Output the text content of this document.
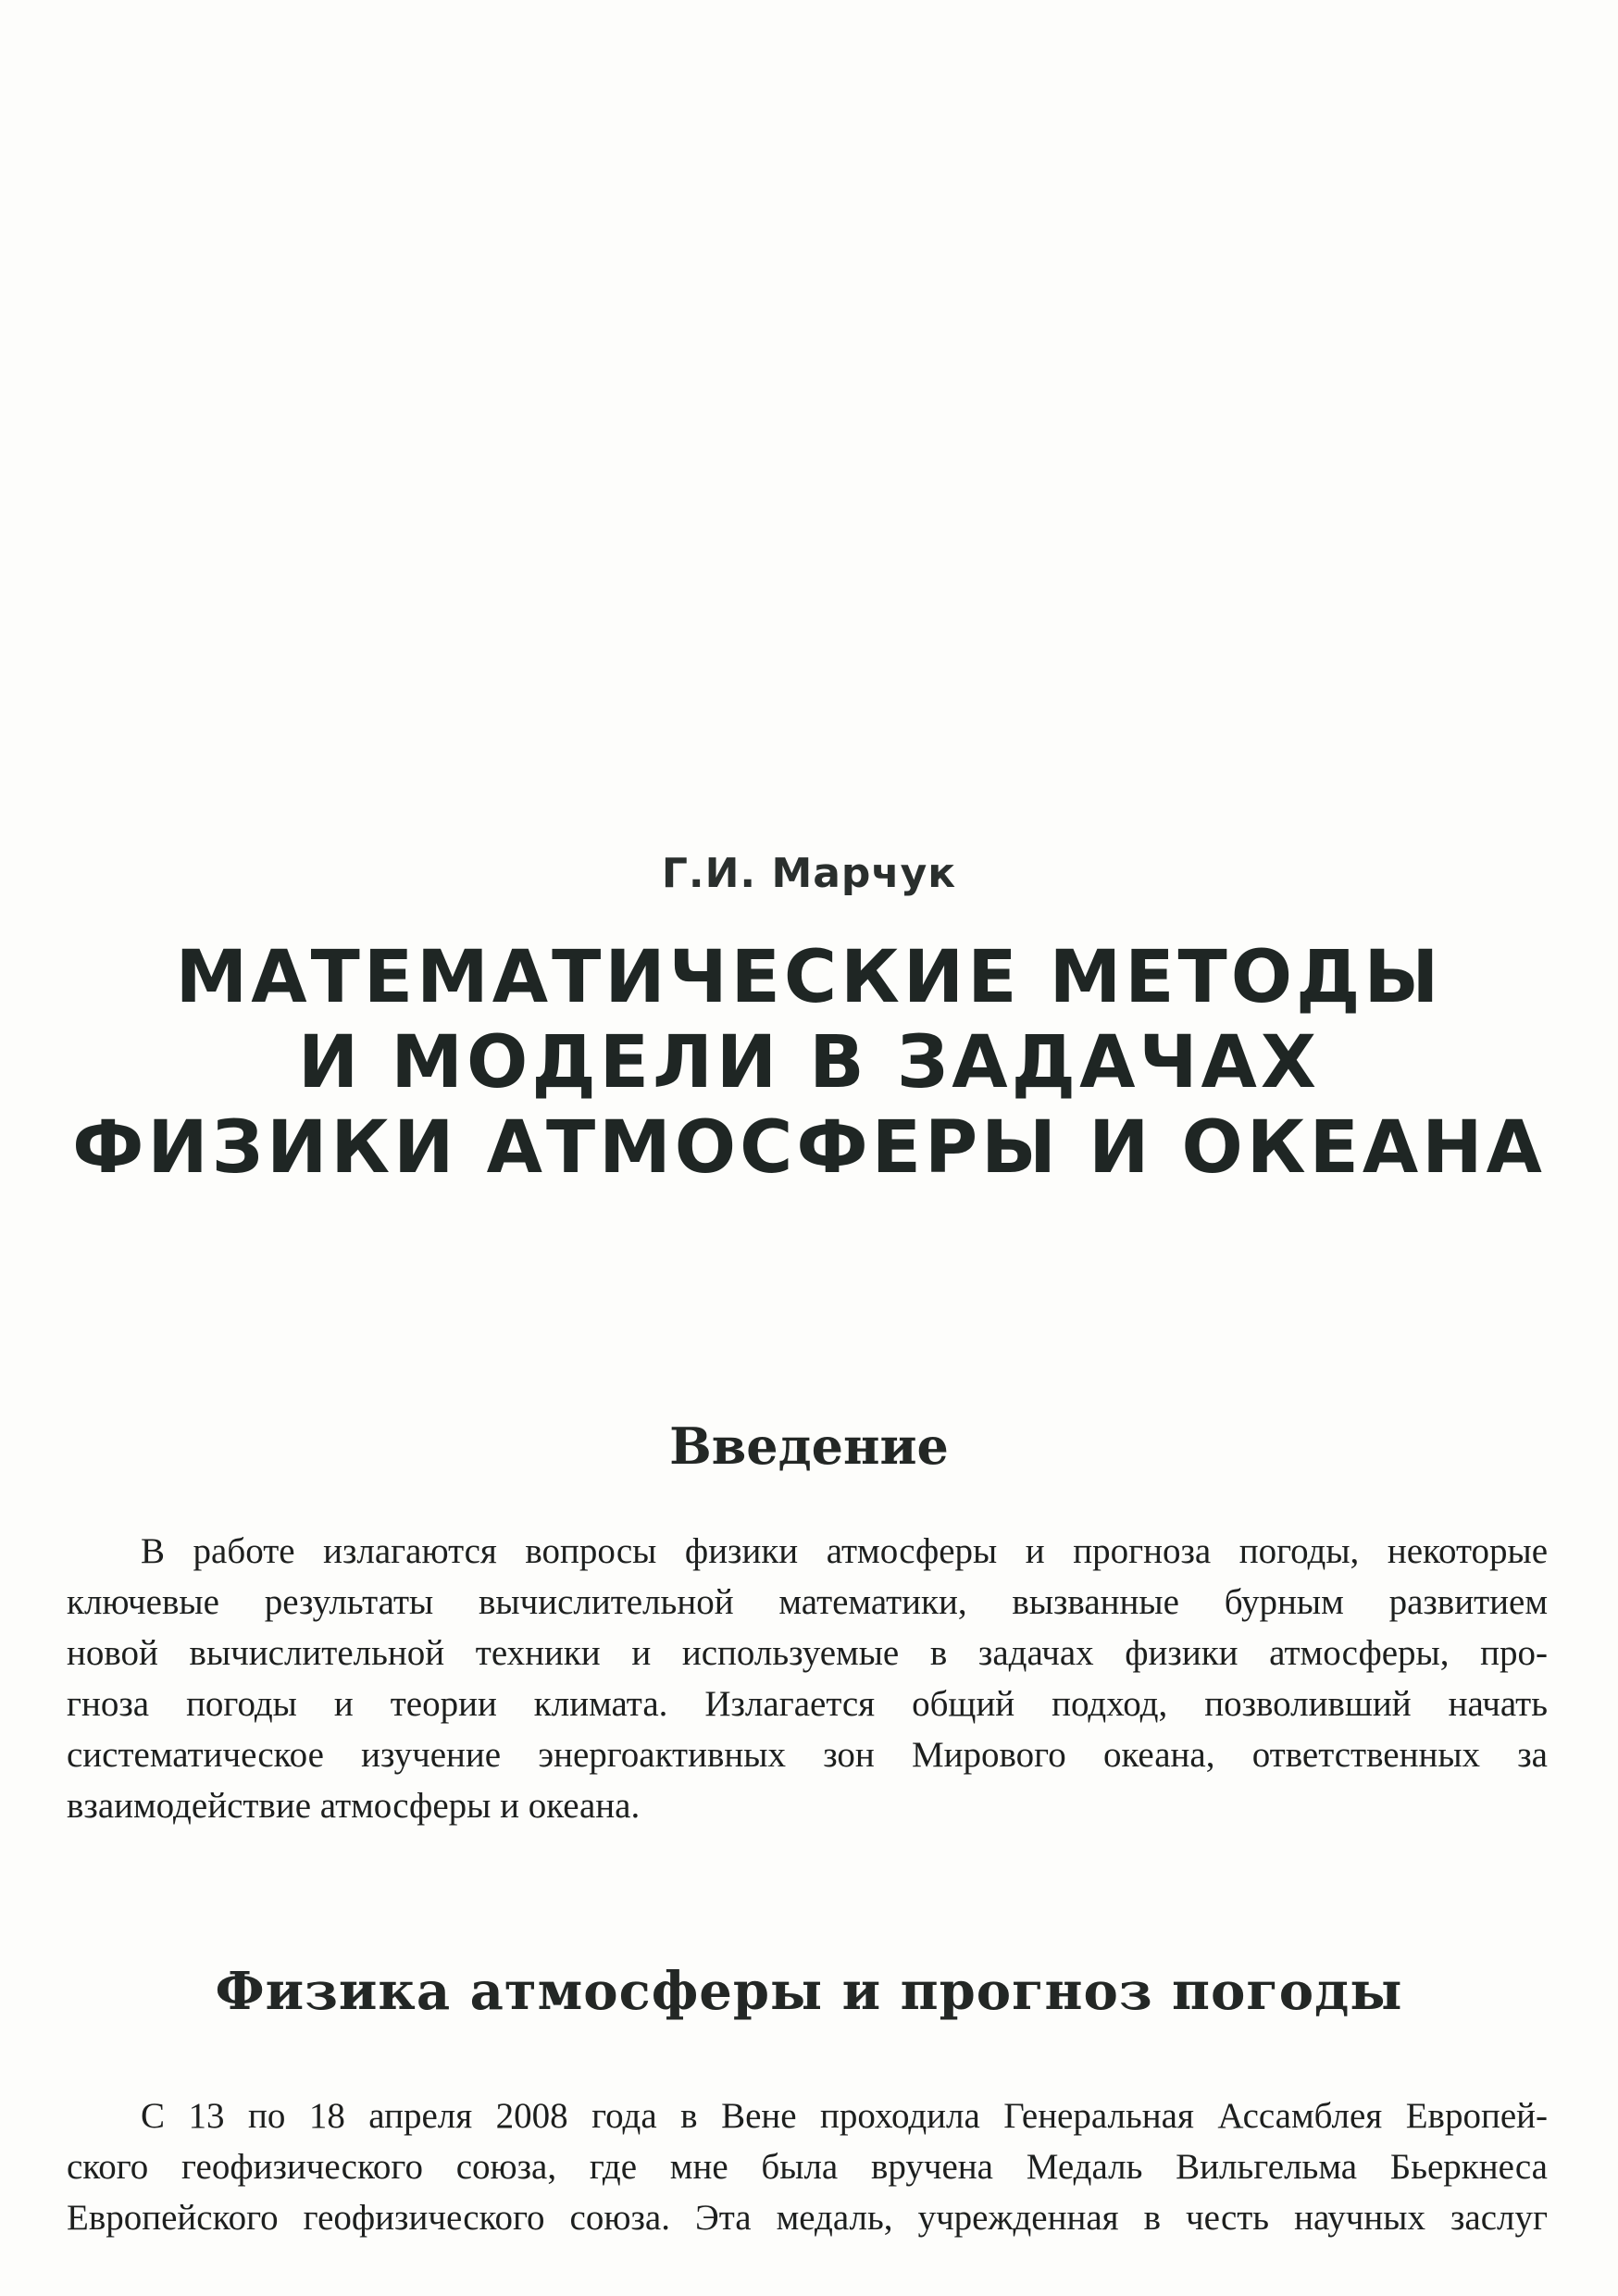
Г.И. Марчук
МАТЕМАТИЧЕСКИЕ МЕТОДЫ
И МОДЕЛИ В ЗАДАЧАХ
ФИЗИКИ АТМОСФЕРЫ И ОКЕАНА
Введение
В работе излагаются вопросы физики атмосферы и прогноза погоды, некоторые
ключевые результаты вычислительной математики, вызванные бурным развитием
новой вычислительной техники и используемые в задачах физики атмосферы, про-
гноза погоды и теории климата. Излагается общий подход, позволивший начать
систематическое изучение энергоактивных зон Мирового океана, ответственных за
взаимодействие атмосферы и океана.
Физика атмосферы и прогноз погоды
С 13 по 18 апреля 2008 года в Вене проходила Генеральная Ассамблея Европей-
ского геофизического союза, где мне была вручена Медаль Вильгельма Бьеркнеса
Европейского геофизического союза. Эта медаль, учрежденная в честь научных заслуг
